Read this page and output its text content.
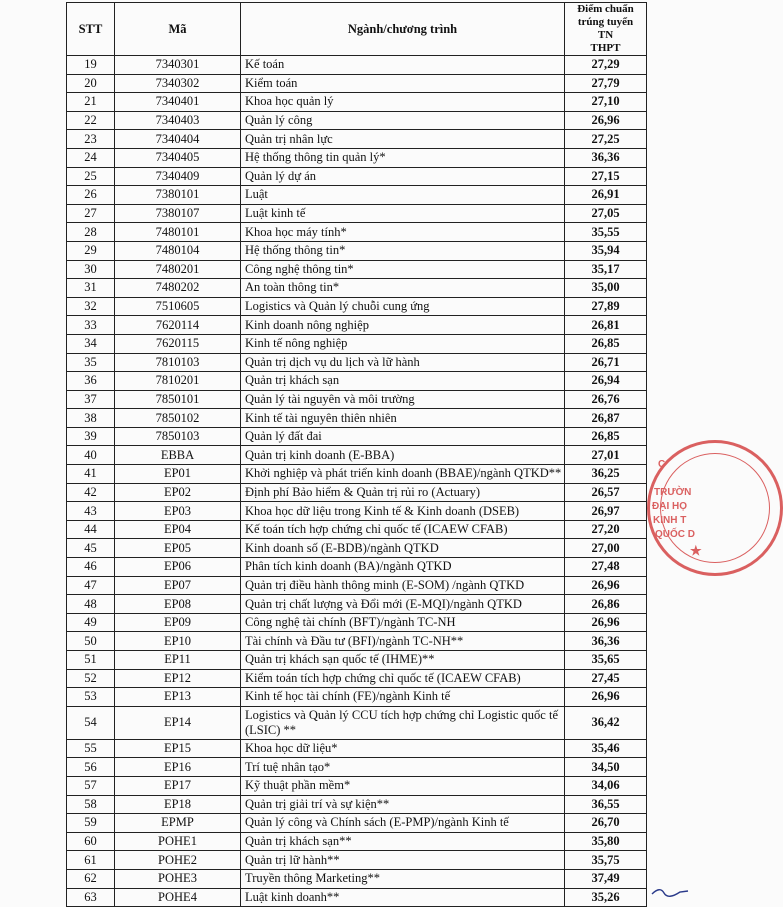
STT	Mã	Ngành/chương trình	Điểm chuẩn
trúng tuyển TN
THPT
19	7340301	Kế toán	27,29
20	7340302	Kiểm toán	27,79
21	7340401	Khoa học quản lý	27,10
22	7340403	Quản lý công	26,96
23	7340404	Quản trị nhân lực	27,25
24	7340405	Hệ thống thông tin quản lý*	36,36
25	7340409	Quản lý dự án	27,15
26	7380101	Luật	26,91
27	7380107	Luật kinh tế	27,05
28	7480101	Khoa học máy tính*	35,55
29	7480104	Hệ thống thông tin*	35,94
30	7480201	Công nghệ thông tin*	35,17
31	7480202	An toàn thông tin*	35,00
32	7510605	Logistics và Quản lý chuỗi cung ứng	27,89
33	7620114	Kinh doanh nông nghiệp	26,81
34	7620115	Kinh tế nông nghiệp	26,85
35	7810103	Quản trị dịch vụ du lịch và lữ hành	26,71
36	7810201	Quản trị khách sạn	26,94
37	7850101	Quản lý tài nguyên và môi trường	26,76
38	7850102	Kinh tế tài nguyên thiên nhiên	26,87
39	7850103	Quản lý đất đai	26,85
40	EBBA	Quản trị kinh doanh (E-BBA)	27,01
41	EP01	Khởi nghiệp và phát triển kinh doanh (BBAE)/ngành QTKD**	36,25
42	EP02	Định phí Bảo hiểm & Quản trị rủi ro (Actuary)	26,57
43	EP03	Khoa học dữ liệu trong Kinh tế & Kinh doanh (DSEB)	26,97
44	EP04	Kế toán tích hợp chứng chỉ quốc tế (ICAEW CFAB)	27,20
45	EP05	Kinh doanh số (E-BDB)/ngành QTKD	27,00
46	EP06	Phân tích kinh doanh (BA)/ngành QTKD	27,48
47	EP07	Quản trị điều hành thông minh (E-SOM) /ngành QTKD	26,96
48	EP08	Quản trị chất lượng và Đổi mới (E-MQI)/ngành QTKD	26,86
49	EP09	Công nghệ tài chính (BFT)/ngành TC-NH	26,96
50	EP10	Tài chính và Đầu tư (BFI)/ngành TC-NH**	36,36
51	EP11	Quản trị khách sạn quốc tế (IHME)**	35,65
52	EP12	Kiểm toán tích hợp chứng chỉ quốc tế (ICAEW CFAB)	27,45
53	EP13	Kinh tế học tài chính (FE)/ngành Kinh tế	26,96
54	EP14	Logistics và Quản lý CCU tích hợp chứng chỉ Logistic quốc tế (LSIC) **	36,42
55	EP15	Khoa học dữ liệu*	35,46
56	EP16	Trí tuệ nhân tạo*	34,50
57	EP17	Kỹ thuật phần mềm*	34,06
58	EP18	Quản trị giải trí và sự kiện**	36,55
59	EPMP	Quản lý công và Chính sách (E-PMP)/ngành Kinh tế	26,70
60	POHE1	Quản trị khách sạn**	35,80
61	POHE2	Quản trị lữ hành**	35,75
62	POHE3	Truyền thông Marketing**	37,49
63	POHE4	Luật kinh doanh**	35,26
C
TRƯỜN
ĐẠI HỌ
KINH T
QUỐC D
★
